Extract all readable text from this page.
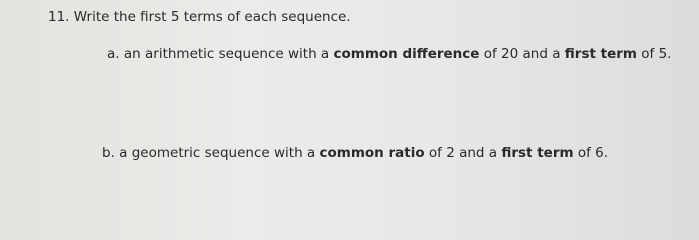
11. Write the first 5 terms of each sequence.
a. an arithmetic sequence with a common difference of 20 and a first term of 5.
b. a geometric sequence with a common ratio of 2 and a first term of 6.
